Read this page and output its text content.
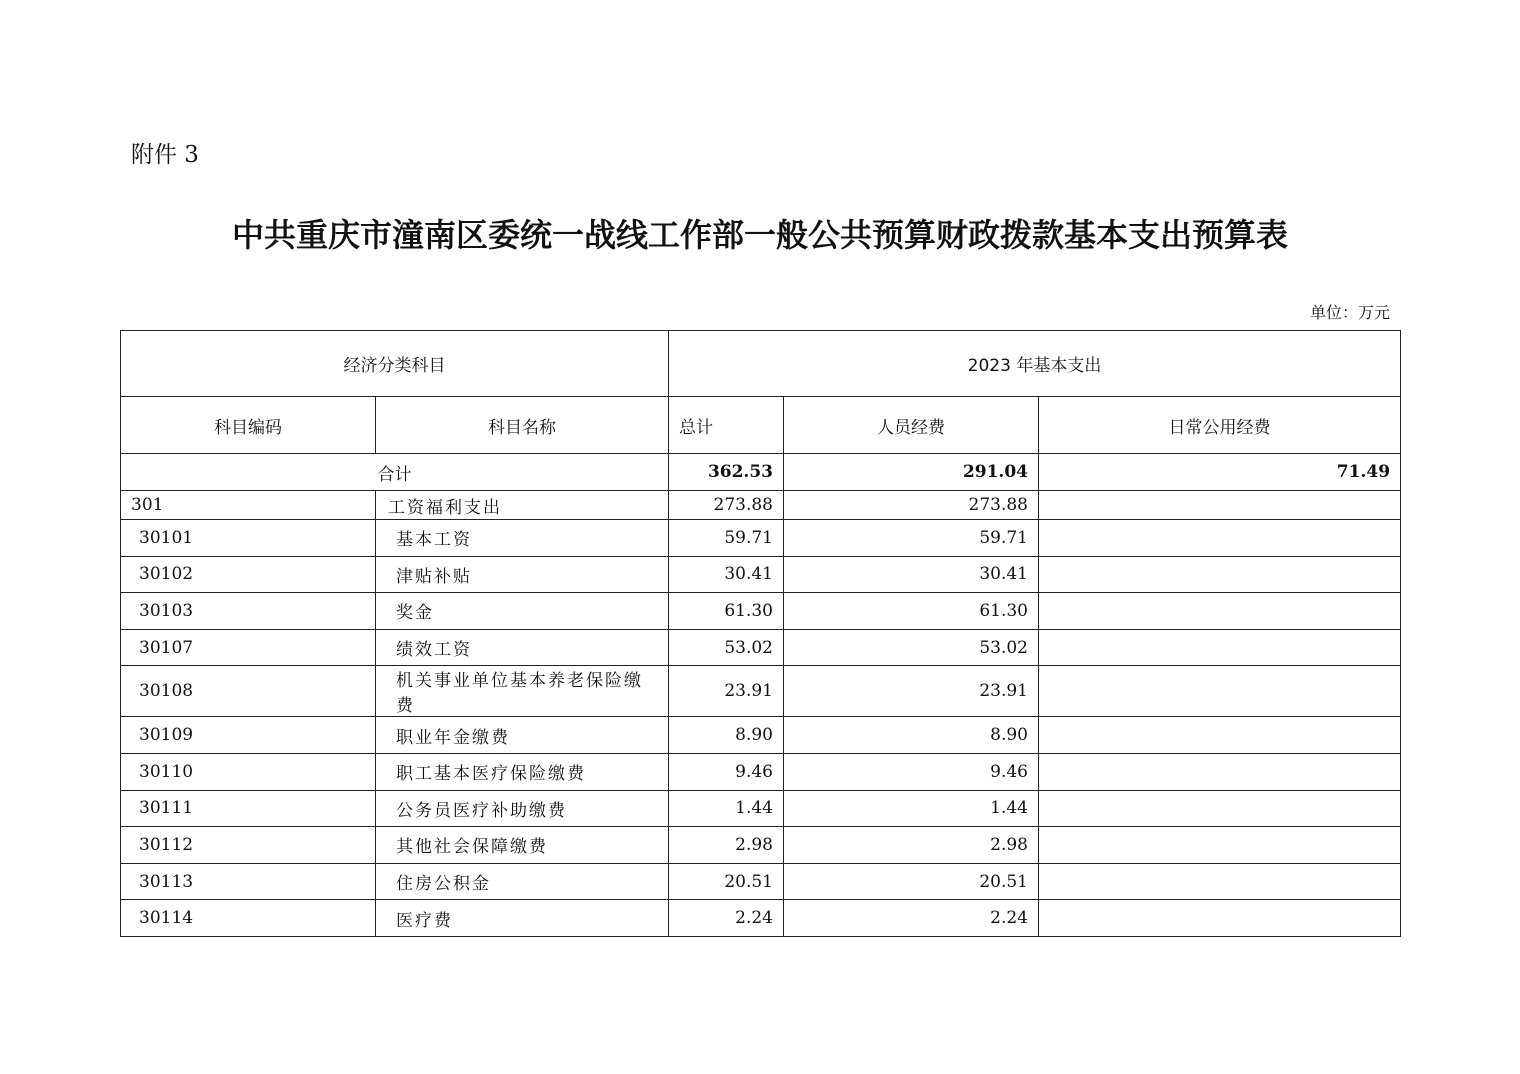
附件 3
中共重庆市潼南区委统一战线工作部一般公共预算财政拨款基本支出预算表
单位：万元
经济分类科目		2023 年基本支出		
科目编码	科目名称	总计	人员经费	日常公用经费
合计		362.53	291.04	71.49
301	工资福利支出	273.88	273.88	
30101	基本工资	59.71	59.71	
30102	津贴补贴	30.41	30.41	
30103	奖金	61.30	61.30	
30107	绩效工资	53.02	53.02	
30108	机关事业单位基本养老保险缴费	23.91	23.91	
30109	职业年金缴费	8.90	8.90	
30110	职工基本医疗保险缴费	9.46	9.46	
30111	公务员医疗补助缴费	1.44	1.44	
30112	其他社会保障缴费	2.98	2.98	
30113	住房公积金	20.51	20.51	
30114	医疗费	2.24	2.24	
